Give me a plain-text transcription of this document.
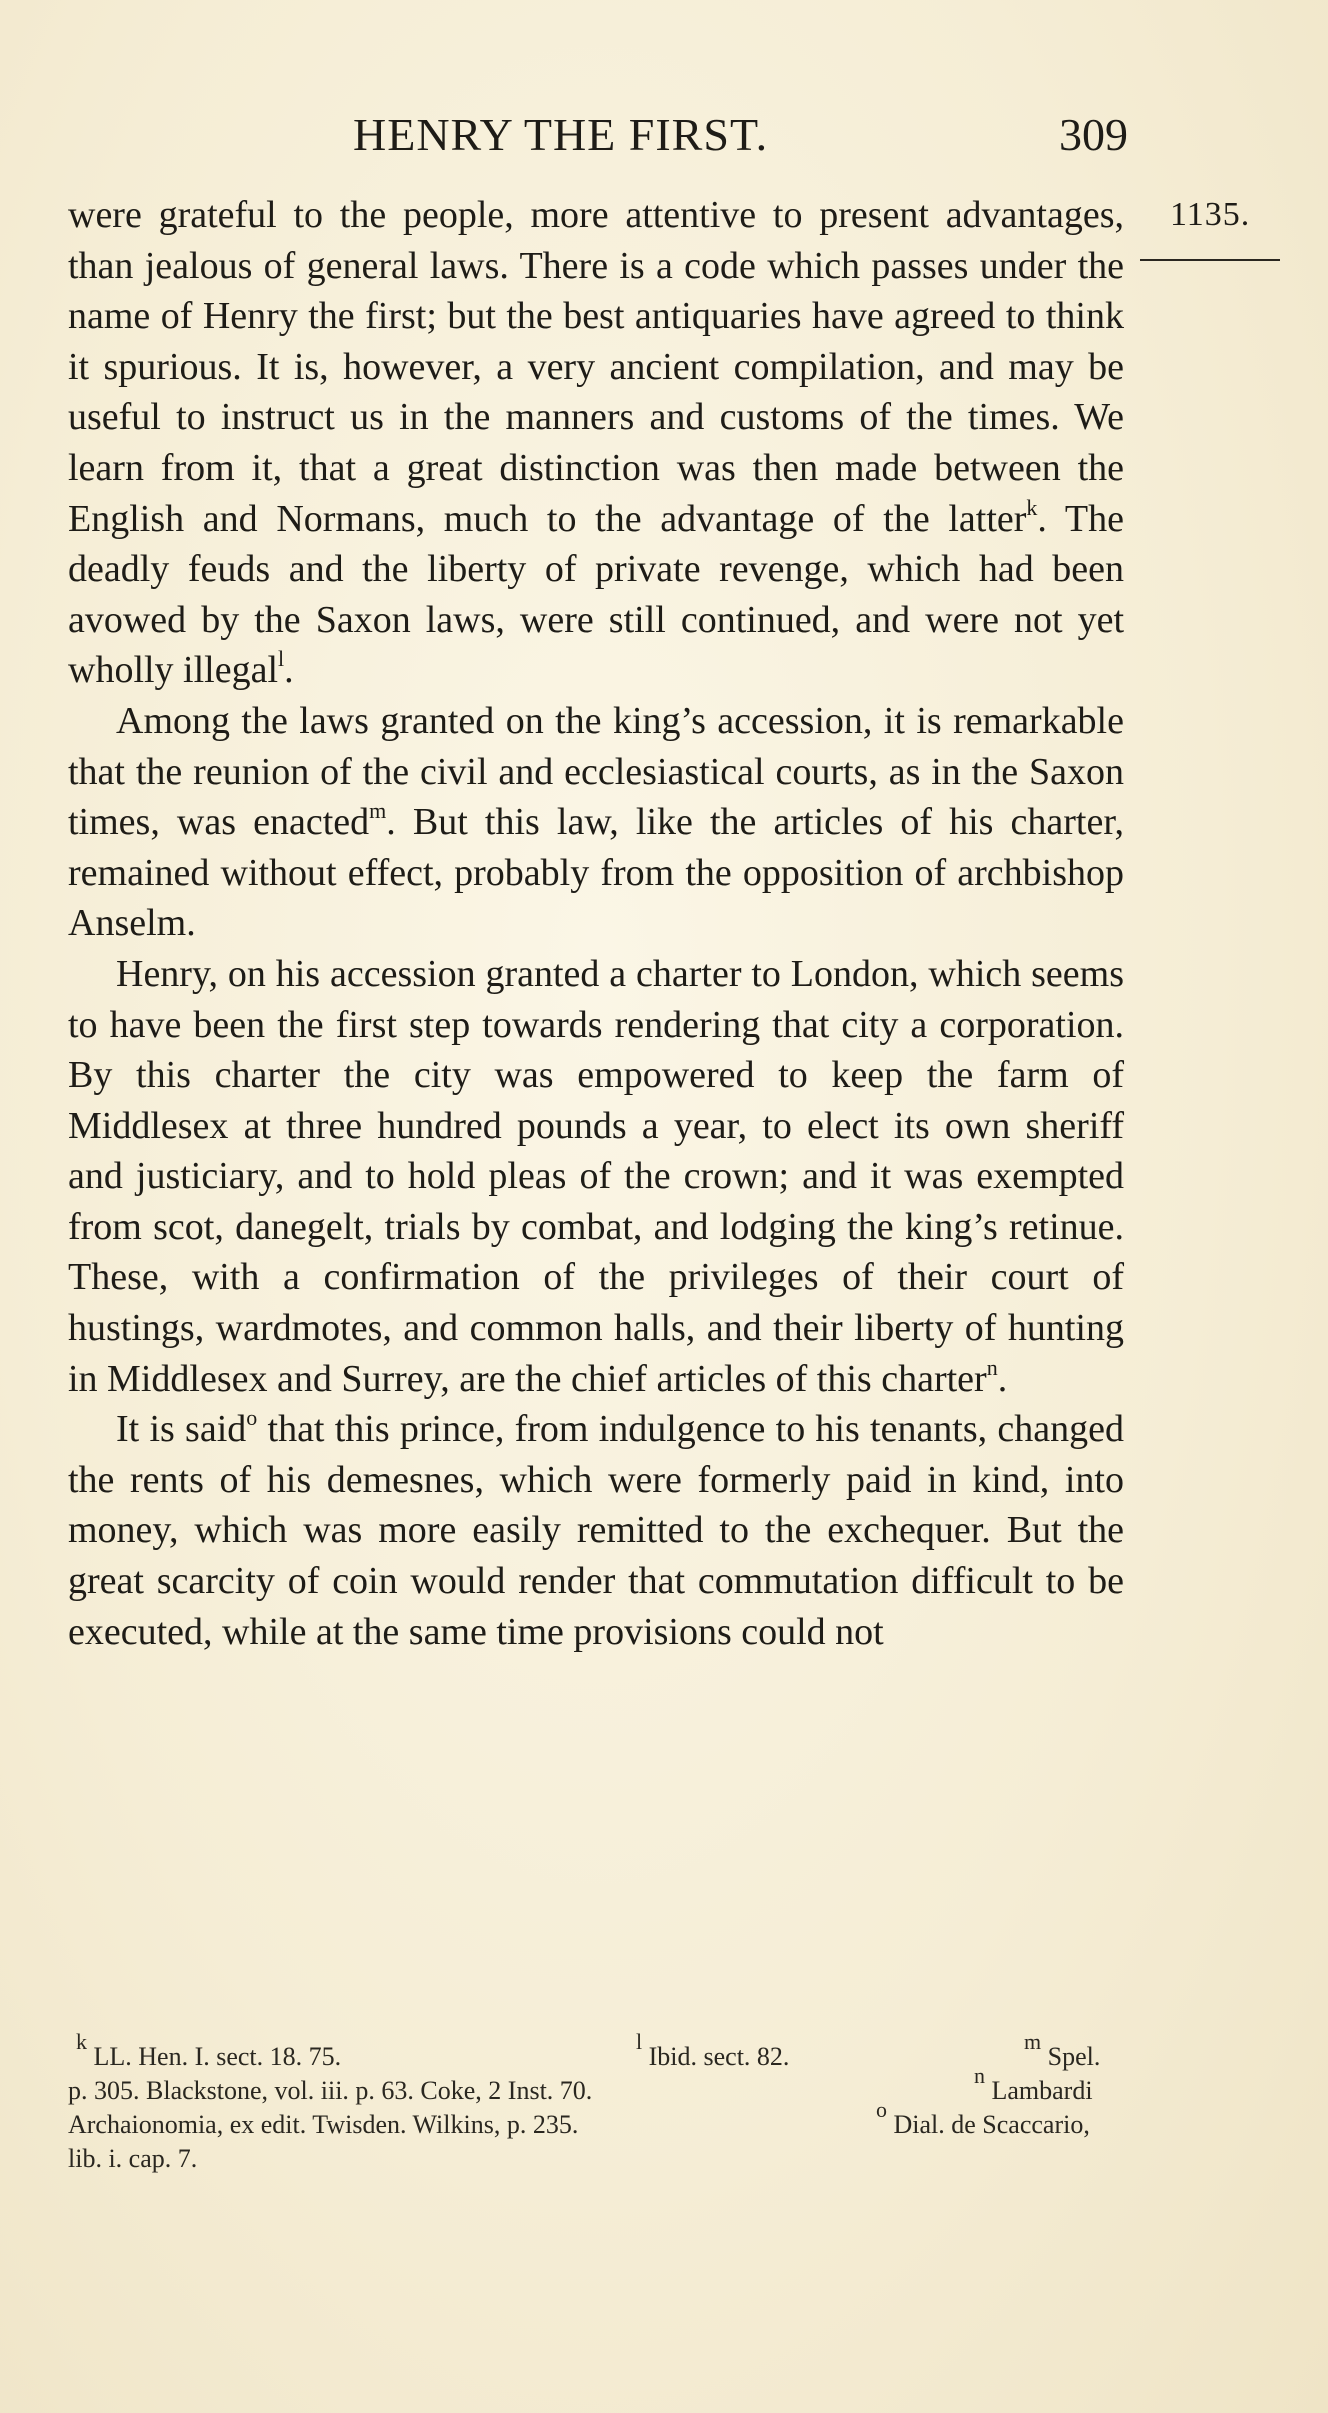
HENRY THE FIRST.	309
1135.

were grateful to the people, more attentive to present advantages, than jealous of general laws. There is a code which passes under the name of Henry the first; but the best antiquaries have agreed to think it spurious. It is, however, a very ancient compilation, and may be useful to instruct us in the manners and customs of the times. We learn from it, that a great distinction was then made between the English and Normans, much to the advantage of the latter$^k$. The deadly feuds and the liberty of private revenge, which had been avowed by the Saxon laws, were still continued, and were not yet wholly illegal$^l$.

Among the laws granted on the king’s accession, it is remarkable that the reunion of the civil and ecclesiastical courts, as in the Saxon times, was enacted$^m$. But this law, like the articles of his charter, remained without effect, probably from the opposition of archbishop Anselm.

Henry, on his accession granted a charter to London, which seems to have been the first step towards rendering that city a corporation. By this charter the city was empowered to keep the farm of Middlesex at three hundred pounds a year, to elect its own sheriff and justiciary, and to hold pleas of the crown; and it was exempted from scot, danegelt, trials by combat, and lodging the king’s retinue. These, with a confirmation of the privileges of their court of hustings, wardmotes, and common halls, and their liberty of hunting in Middlesex and Surrey, are the chief articles of this charter$^n$.

It is said$^o$ that this prince, from indulgence to his tenants, changed the rents of his demesnes, which were formerly paid in kind, into money, which was more easily remitted to the exchequer. But the great scarcity of coin would render that commutation difficult to be executed, while at the same time provisions could not

$^k$ LL. Hen. I. sect. 18. 75.
$^l$ Ibid. sect. 82.
$^m$ Spel.
p. 305. Blackstone, vol. iii. p. 63. Coke, 2 Inst. 70.
$^n$ Lambardi
Archaionomia, ex edit. Twisden. Wilkins, p. 235.
$^o$ Dial. de Scaccario,
lib. i. cap. 7.
